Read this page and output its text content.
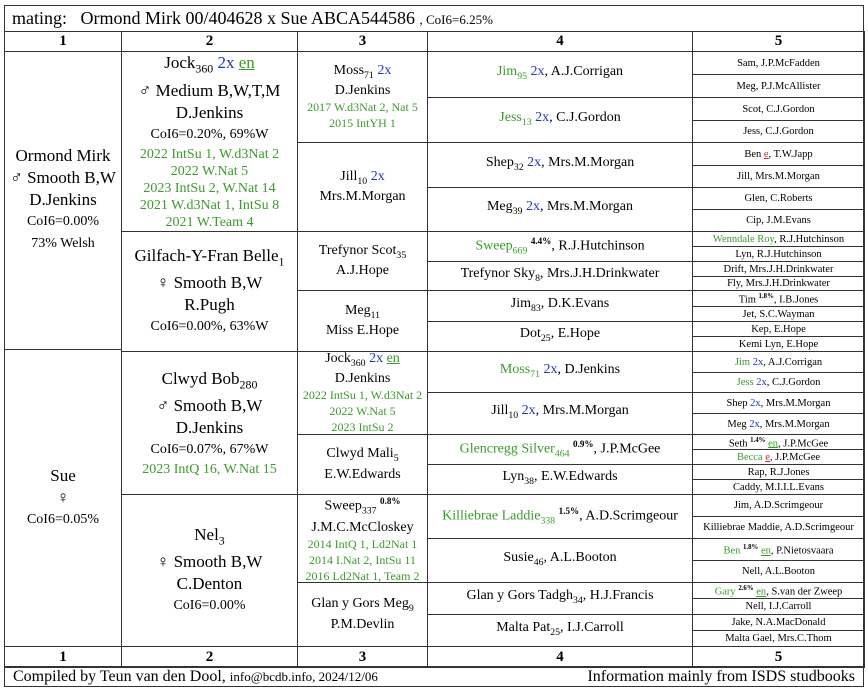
mating: Ormond Mirk 00/404628 x Sue ABCA544586 , CoI6=6.25%
1
1
2
2
3
3
4
4
5
5
Ormond Mirk
♂ Smooth B,W
D.Jenkins
CoI6=0.00%
73% Welsh
Sue
♀
CoI6=0.05%
Jock$_{360}$ 2x en
♂ Medium B,W,T,M
D.Jenkins
CoI6=0.20%, 69%W
2022 IntSu 1, W.d3Nat 2
2022 W.Nat 5
2023 IntSu 2, W.Nat 14
2021 W.d3Nat 1, IntSu 8
2021 W.Team 4
Gilfach-Y-Fran Belle$_1$
♀ Smooth B,W
R.Pugh
CoI6=0.00%, 63%W
Clwyd Bob$_{280}$
♂ Smooth B,W
D.Jenkins
CoI6=0.07%, 67%W
2023 IntQ 16, W.Nat 15
Nel$_3$
♀ Smooth B,W
C.Denton
CoI6=0.00%
Moss$_{71}$ 2x
D.Jenkins
2017 W.d3Nat 2, Nat 5
2015 IntYH 1
Jill$_{10}$ 2x
Mrs.M.Morgan
Trefynor Scot$_{35}$
A.J.Hope
Meg$_{11}$
Miss E.Hope
Jock$_{360}$ 2x en
D.Jenkins
2022 IntSu 1, W.d3Nat 2
2022 W.Nat 5
2023 IntSu 2
Clwyd Mali$_5$
E.W.Edwards
Sweep$_{337}$ $^{0.8\%}$
J.M.C.McCloskey
2014 IntQ 1, Ld2Nat 1
2014 I.Nat 2, IntSu 11
2016 Ld2Nat 1, Team 2
Glan y Gors Meg$_9$
P.M.Devlin
Jim$_{95}$ 2x, A.J.Corrigan
Jess$_{13}$ 2x, C.J.Gordon
Shep$_{32}$ 2x, Mrs.M.Morgan
Meg$_{39}$ 2x, Mrs.M.Morgan
Sweep$_{669}$ $^{4.4\%}$, R.J.Hutchinson
Trefynor Sky$_8$, Mrs.J.H.Drinkwater
Jim$_{83}$, D.K.Evans
Dot$_{25}$, E.Hope
Moss$_{71}$ 2x, D.Jenkins
Jill$_{10}$ 2x, Mrs.M.Morgan
Glencregg Silver$_{464}$ $^{0.9\%}$, J.P.McGee
Lyn$_{38}$, E.W.Edwards
Killiebrae Laddie$_{338}$ $^{1.5\%}$, A.D.Scrimgeour
Susie$_{46}$, A.L.Booton
Glan y Gors Tadgh$_{34}$, H.J.Francis
Malta Pat$_{25}$, I.J.Carroll
Sam, J.P.McFadden
Meg, P.J.McAllister
Scot, C.J.Gordon
Jess, C.J.Gordon
Ben e, T.W.Japp
Jill, Mrs.M.Morgan
Glen, C.Roberts
Cip, J.M.Evans
Wenndale Roy, R.J.Hutchinson
Lyn, R.J.Hutchinson
Drift, Mrs.J.H.Drinkwater
Fly, Mrs.J.H.Drinkwater
Tim $^{1.8\%}$, I.B.Jones
Jet, S.C.Wayman
Kep, E.Hope
Kemi Lyn, E.Hope
Jim 2x, A.J.Corrigan
Jess 2x, C.J.Gordon
Shep 2x, Mrs.M.Morgan
Meg 2x, Mrs.M.Morgan
Seth $^{1.4\%}$ en, J.P.McGee
Becca e, J.P.McGee
Rap, R.J.Jones
Caddy, M.I.I.L.Evans
Jim, A.D.Scrimgeour
Killiebrae Maddie, A.D.Scrimgeour
Ben $^{1.8\%}$ en, P.Nietosvaara
Nell, A.L.Booton
Gary $^{2.6\%}$ en, S.van der Zweep
Nell, I.J.Carroll
Jake, N.A.MacDonald
Malta Gael, Mrs.C.Thom
Compiled by Teun van den Dool, info@bcdb.info, 2024/12/06	Information mainly from ISDS studbooks
